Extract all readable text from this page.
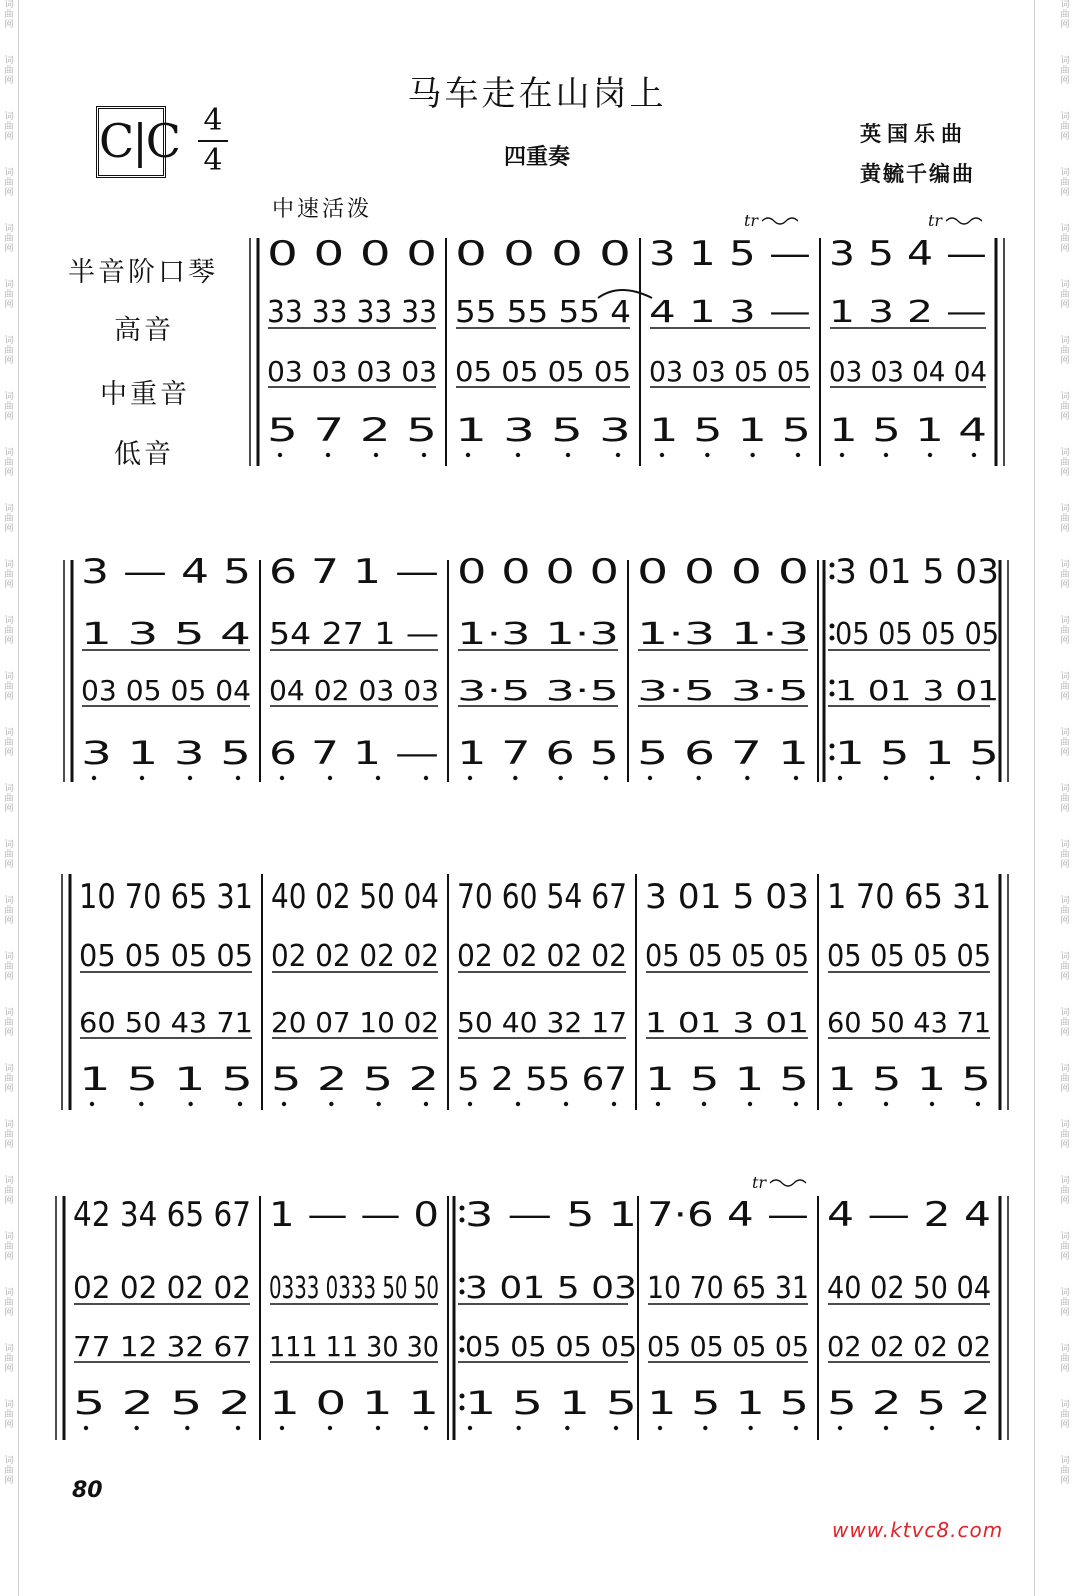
词曲网
词曲网
词曲网
词曲网
词曲网
词曲网
词曲网
词曲网
词曲网
词曲网
词曲网
词曲网
词曲网
词曲网
词曲网
词曲网
词曲网
词曲网
词曲网
词曲网
词曲网
词曲网
词曲网
词曲网
词曲网
词曲网
词曲网
词曲网
词曲网
词曲网
词曲网
词曲网
词曲网
词曲网
词曲网
词曲网
词曲网
词曲网
词曲网
词曲网
词曲网
词曲网
词曲网
词曲网
词曲网
词曲网
词曲网
词曲网
词曲网
词曲网
词曲网
词曲网
词曲网
词曲网
马车走在山岗上
四重奏
英国乐曲
黄毓千编曲
C|C 4
4
中速活泼
半音阶口琴
高音
中重音
低音
0 0 0 0
33 33 33 33
03 03 03 03
5 7 2 5
0 0 0 0
55 55 55 4
05 05 05 05
1 3 5 3
3 1 5 —
4 1 3 —
03 03 05 05
1 5 1 5
3 5 4 —
1 3 2 —
03 03 04 04
1 5 1 4
3 — 4 5
1 3 5 4
03 05 05 04
3 1 3 5
6 7 1 —
54 27 1 —
04 02 03 03
6 7 1 —
0 0 0 0
1·3 1·3
3·5 3·5
1 7 6 5
0 0 0 0
1·3 1·3
3·5 3·5
5 6 7 1
3 01 5 03
05 05 05 05
1 01 3 01
1 5 1 5
10 70 65 31
05 05 05 05
60 50 43 71
1 5 1 5
40 02 50 04
02 02 02 02
20 07 10 02
5 2 5 2
70 60 54 67
02 02 02 02
50 40 32 17
5 2 55 67
3 01 5 03
05 05 05 05
1 01 3 01
1 5 1 5
1 70 65 31
05 05 05 05
60 50 43 71
1 5 1 5
42 34 65 67
02 02 02 02
77 12 32 67
5 2 5 2
1 — — 0
0333 0333 50 50
111 11 30 30
1 0 1 1
3 — 5 1
3 01 5 03
05 05 05 05
1 5 1 5
7·6 4 —
10 70 65 31
05 05 05 05
1 5 1 5
4 — 2 4
40 02 50 04
02 02 02 02
5 2 5 2
tr	tr
tr
80
www.ktvc8.com
